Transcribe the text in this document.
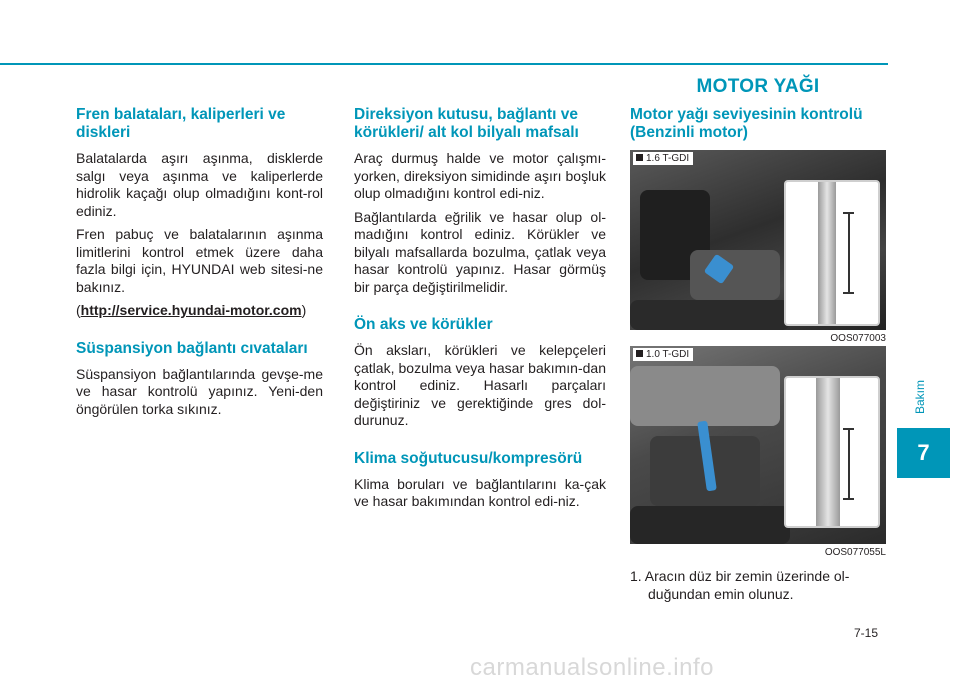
MOTOR YAĞI
Fren balataları, kaliperleri ve diskleri

Balatalarda aşırı aşınma, disklerde salgı veya aşınma ve kaliperlerde hidrolik kaçağı olup olmadığını kont-rol ediniz.

Fren pabuç ve balatalarının aşınma limitlerini kontrol etmek üzere daha fazla bilgi için, HYUNDAI web sitesi-ne bakınız.

(http://service.hyundai-motor.com)

Süspansiyon bağlantı cıvataları

Süspansiyon bağlantılarında gevşe-me ve hasar kontrolü yapınız. Yeni-den öngörülen torka sıkınız.

Direksiyon kutusu, bağlantı ve körükleri/ alt kol bilyalı mafsalı

Araç durmuş halde ve motor çalışmı-yorken, direksiyon simidinde aşırı boşluk olup olmadığını kontrol edi-niz.

Bağlantılarda eğrilik ve hasar olup ol-madığını kontrol ediniz. Körükler ve bilyalı mafsallarda bozulma, çatlak veya hasar kontrolü yapınız. Hasar görmüş bir parça değiştirilmelidir.

Ön aks ve körükler

Ön aksları, körükleri ve kelepçeleri çatlak, bozulma veya hasar bakımın-dan kontrol ediniz. Hasarlı parçaları değiştiriniz ve gerektiğinde gres dol-durunuz.

Klima soğutucusu/kompresörü

Klima boruları ve bağlantılarını ka-çak ve hasar bakımından kontrol edi-niz.

Motor yağı seviyesinin kontrolü (Benzinli motor)
1.6 T-GDI
OOS077003
1.0 T-GDI
OOS077055L
1. Aracın düz bir zemin üzerinde ol-duğundan emin olunuz.
Bakım
7
7-15
carmanualsonline.info
